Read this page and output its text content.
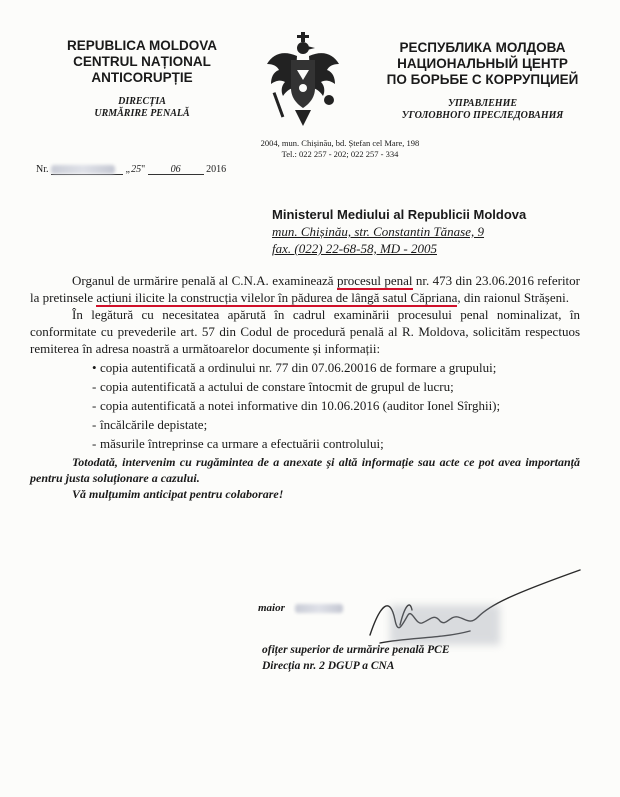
REPUBLICA MOLDOVA
CENTRUL NAȚIONAL
ANTICORUPȚIE
DIRECȚIA
URMĂRIRE PENALĂ
РЕСПУБЛИКА МОЛДОВА
НАЦИОНАЛЬНЫЙ ЦЕНТР
ПО БОРЬБЕ С КОРРУПЦИЕЙ
УПРАВЛЕНИЕ
УГОЛОВНОГО ПРЕСЛЕДОВАНИЯ
2004, mun. Chișinău, bd. Ștefan cel Mare, 198
Tel.: 022 257 - 202; 022 257 - 334
Nr.	„25"	06	2016
Ministerul Mediului al Republicii Moldova
mun. Chișinău, str. Constantin Tănase, 9
fax. (022) 22-68-58, MD - 2005

Organul de urmărire penală al C.N.A. examinează procesul penal nr. 473 din 23.06.2016 referitor la pretinsele acțiuni ilicite la construcția vilelor în pădurea de lângă satul Căpriana, din raionul Strășeni.

În legătură cu necesitatea apărută în cadrul examinării procesului penal nominalizat, în conformitate cu prevederile art. 57 din Codul de procedură penală al R. Moldova, solicităm respectuos remiterea în adresa noastră a următoarelor documente și informații:

• copia autentificată a ordinului nr. 77 din 07.06.20016 de formare a grupului;
- copia autentificată a actului de constare întocmit de grupul de lucru;
- copia autentificată a notei informative din 10.06.2016 (auditor Ionel Sîrghii);
- încălcările depistate;
- măsurile întreprinse ca urmare a efectuării controlului;

Totodată, intervenim cu rugămintea de a anexate și altă informație sau acte ce pot avea importanță pentru justa soluționare a cazului.

Vă mulțumim anticipat pentru colaborare!

maior
ofițer superior de urmărire penală PCE
Direcția nr. 2 DGUP a CNA
